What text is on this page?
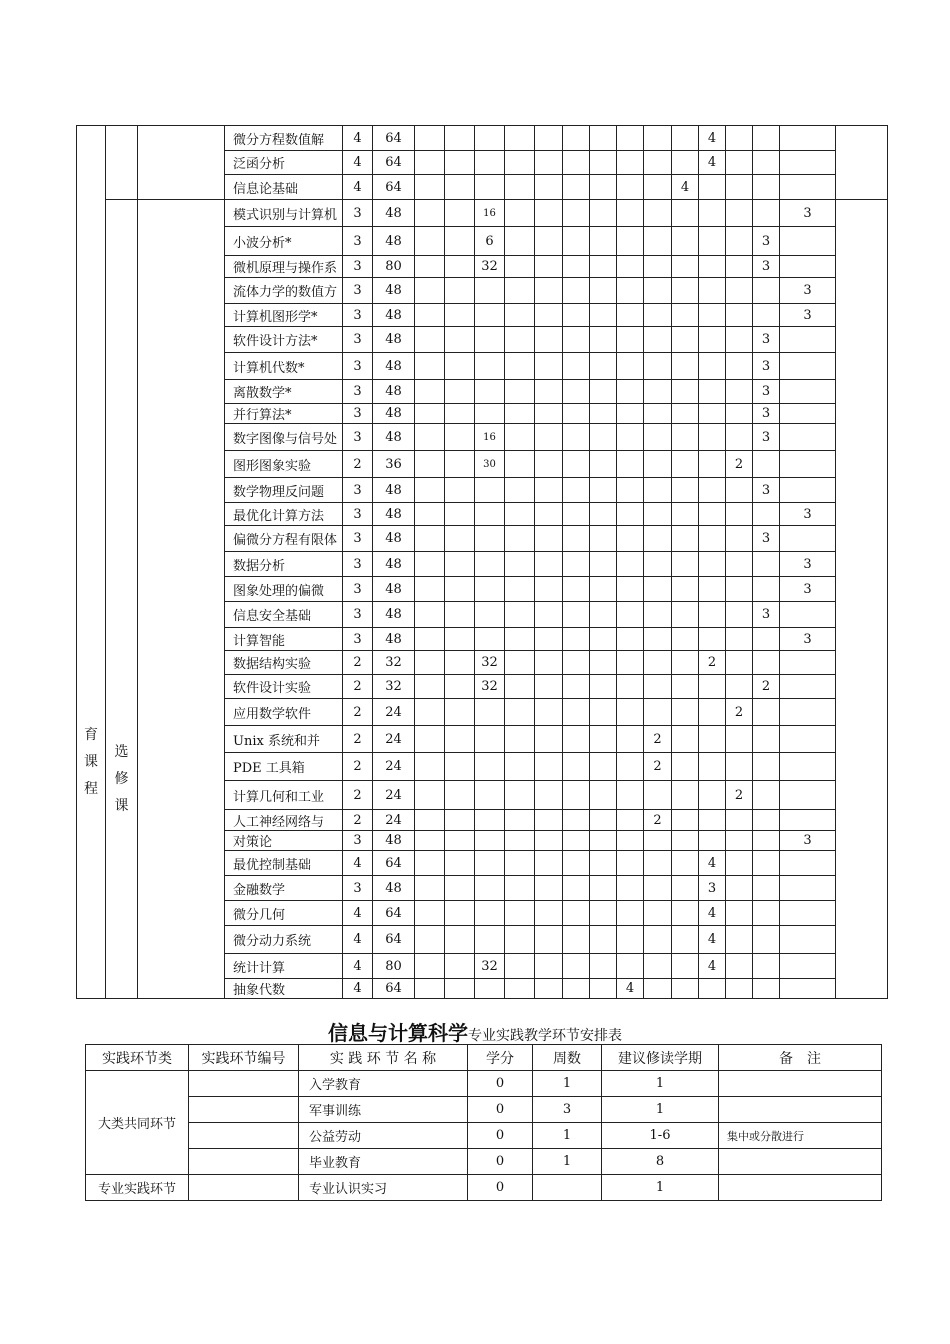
育
课
程			微分方程数值解	4	64											4				
			泛函分析	4	64											4				
			信息论基础	4	64										4					

	选
修
课		模式识别与计算机	3	48			16											3	
			小波分析*	3	48			6										3		
			微机原理与操作系	3	80			32										3		
			流体力学的数值方	3	48														3	
			计算机图形学*	3	48														3	
			软件设计方法*	3	48													3		
			计算机代数*	3	48													3		
			离散数学*	3	48													3		
			并行算法*	3	48													3		
			数字图像与信号处	3	48			16										3		
			图形图象实验	2	36			30									2			
			数学物理反问题	3	48													3		
			最优化计算方法	3	48														3	
			偏微分方程有限体	3	48													3		
			数据分析	3	48														3	
			图象处理的偏微	3	48														3	
			信息安全基础	3	48													3		
			计算智能	3	48														3	
			数据结构实验	2	32			32								2				
			软件设计实验	2	32			32										2		
			应用数学软件	2	24												2			
			Unix 系统和并	2	24									2						
			PDE 工具箱	2	24									2						
			计算几何和工业	2	24												2			
			人工神经网络与	2	24									2						
			对策论	3	48														3	
			最优控制基础	4	64											4				
			金融数学	3	48											3				
			微分几何	4	64											4				
			微分动力系统	4	64											4				
			统计计算	4	80			32								4				
			抽象代数	4	64								4							
信息与计算科学专业实践教学环节安排表
实践环节类	实践环节编号	实 践 环 节 名 称	学分	周数	建议修读学期	备　注
大类共同环节		入学教育	0	1	1	
		军事训练	0	3	1	
		公益劳动	0	1	1-6	集中或分散进行
		毕业教育	0	1	8	
专业实践环节		专业认识实习	0		1	
